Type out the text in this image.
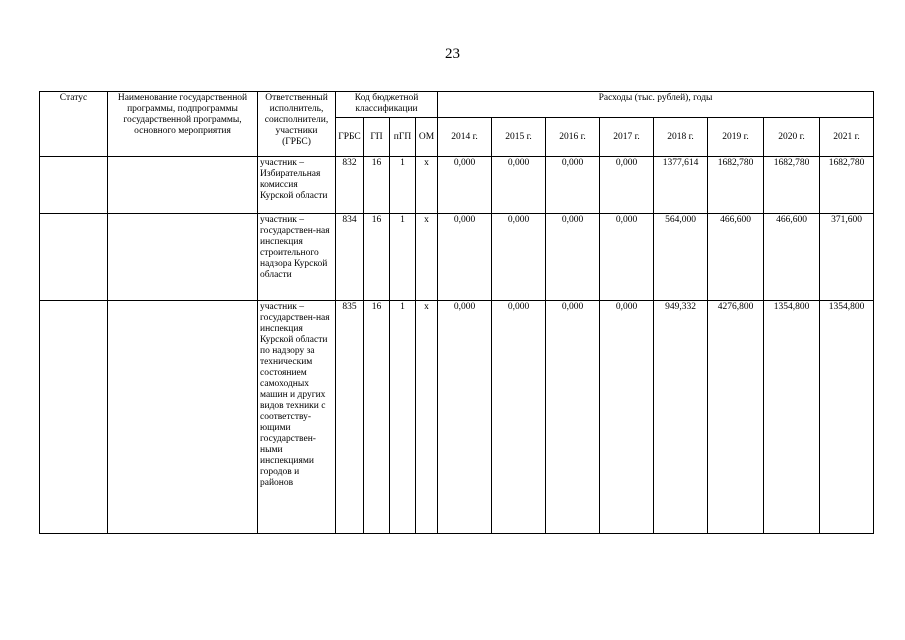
23
Статус	Наименование государственной программы, подпрограммы государственной программы, основного мероприятия	Ответственный исполнитель, соисполнители, участники (ГРБС)	Код бюджетной классификации				Расходы (тыс. рублей), годы							
			ГРБС	ГП	пГП	ОМ	2014 г.	2015 г.	2016 г.	2017 г.	2018 г.	2019 г.	2020 г.	2021 г.
		участник – Избирательная комиссия Курской области	832	16	1	х	0,000	0,000	0,000	0,000	1377,614	1682,780	1682,780	1682,780
		участник – государствен-ная инспекция строительного надзора Курской области	834	16	1	х	0,000	0,000	0,000	0,000	564,000	466,600	466,600	371,600
		участник – государствен-ная инспекция Курской области по надзору за техническим состоянием самоходных машин и других видов техники с соответству-ющими государствен-ными инспекциями городов и районов	835	16	1	х	0,000	0,000	0,000	0,000	949,332	4276,800	1354,800	1354,800
